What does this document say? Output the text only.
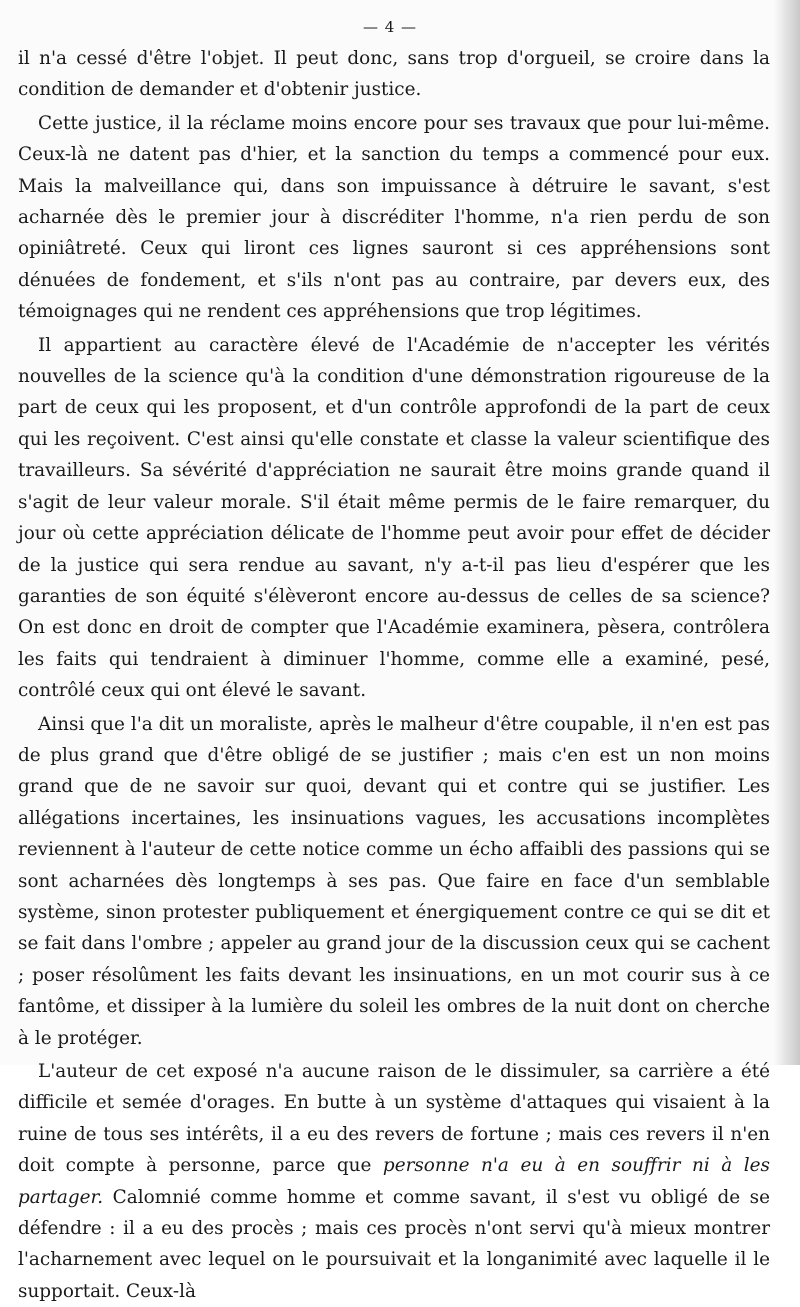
— 4 —

il n'a cessé d'être l'objet. Il peut donc, sans trop d'orgueil, se croire dans la condition de demander et d'obtenir justice.

Cette justice, il la réclame moins encore pour ses travaux que pour lui-même. Ceux-là ne datent pas d'hier, et la sanction du temps a commencé pour eux. Mais la malveillance qui, dans son impuissance à détruire le savant, s'est acharnée dès le premier jour à discréditer l'homme, n'a rien perdu de son opiniâtreté. Ceux qui liront ces lignes sauront si ces appréhensions sont dénuées de fondement, et s'ils n'ont pas au contraire, par devers eux, des témoignages qui ne rendent ces appréhensions que trop légitimes.

Il appartient au caractère élevé de l'Académie de n'accepter les vérités nouvelles de la science qu'à la condition d'une démonstration rigoureuse de la part de ceux qui les proposent, et d'un contrôle approfondi de la part de ceux qui les reçoivent. C'est ainsi qu'elle constate et classe la valeur scientifique des travailleurs. Sa sévérité d'appréciation ne saurait être moins grande quand il s'agit de leur valeur morale. S'il était même permis de le faire remarquer, du jour où cette appréciation délicate de l'homme peut avoir pour effet de décider de la justice qui sera rendue au savant, n'y a-t-il pas lieu d'espérer que les garanties de son équité s'élèveront encore au-dessus de celles de sa science? On est donc en droit de compter que l'Académie examinera, pèsera, contrôlera les faits qui tendraient à diminuer l'homme, comme elle a examiné, pesé, contrôlé ceux qui ont élevé le savant.

Ainsi que l'a dit un moraliste, après le malheur d'être coupable, il n'en est pas de plus grand que d'être obligé de se justifier ; mais c'en est un non moins grand que de ne savoir sur quoi, devant qui et contre qui se justifier. Les allégations incertaines, les insinuations vagues, les accusations incomplètes reviennent à l'auteur de cette notice comme un écho affaibli des passions qui se sont acharnées dès longtemps à ses pas. Que faire en face d'un semblable système, sinon protester publiquement et énergiquement contre ce qui se dit et se fait dans l'ombre ; appeler au grand jour de la discussion ceux qui se cachent ; poser résolûment les faits devant les insinuations, en un mot courir sus à ce fantôme, et dissiper à la lumière du soleil les ombres de la nuit dont on cherche à le protéger.

L'auteur de cet exposé n'a aucune raison de le dissimuler, sa carrière a été difficile et semée d'orages. En butte à un système d'attaques qui visaient à la ruine de tous ses intérêts, il a eu des revers de fortune ; mais ces revers il n'en doit compte à personne, parce que personne n'a eu à en souffrir ni à les partager. Calomnié comme homme et comme savant, il s'est vu obligé de se défendre : il a eu des procès ; mais ces procès n'ont servi qu'à mieux montrer l'acharnement avec lequel on le poursuivait et la longanimité avec laquelle il le supportait. Ceux-là
